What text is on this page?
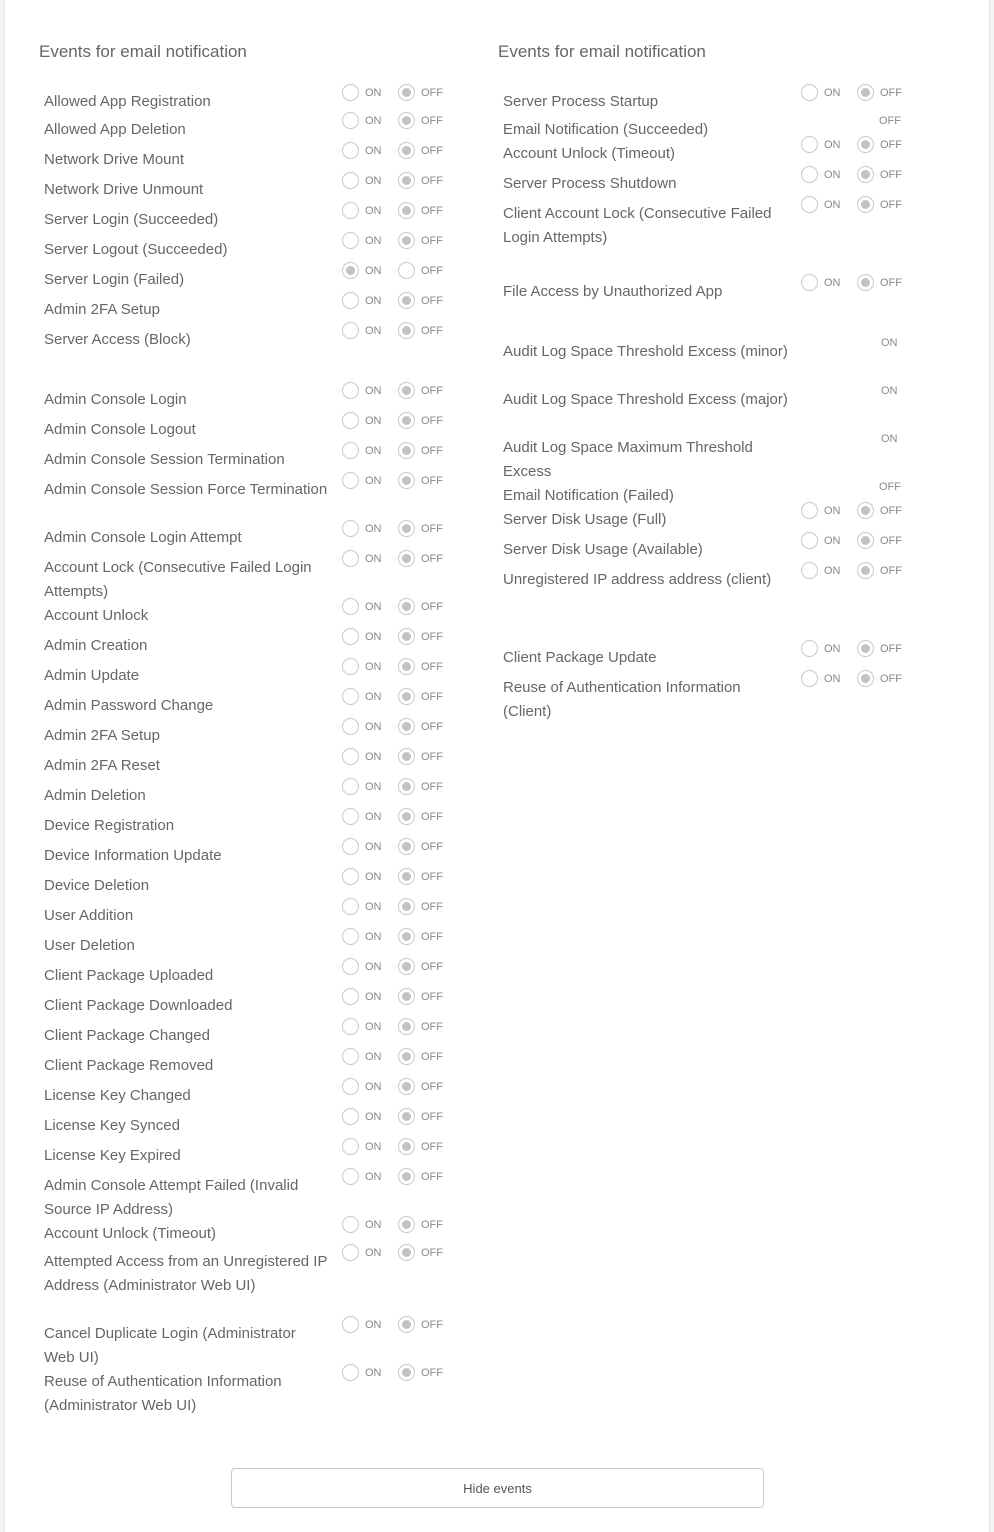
Events for email notification
Allowed App Registration	ON	OFF
Allowed App Deletion	ON	OFF
Network Drive Mount	ON	OFF
Network Drive Unmount	ON	OFF
Server Login (Succeeded)	ON	OFF
Server Logout (Succeeded)	ON	OFF
Server Login (Failed)	ON	OFF
Admin 2FA Setup	ON	OFF
Server Access (Block)	ON	OFF
Admin Console Login	ON	OFF
Admin Console Logout	ON	OFF
Admin Console Session Termination	ON	OFF
Admin Console Session Force Termination	ON	OFF
Admin Console Login Attempt	ON	OFF
Account Lock (Consecutive Failed Login Attempts)
ON	OFF
Account Unlock	ON	OFF
Admin Creation	ON	OFF
Admin Update	ON	OFF
Admin Password Change	ON	OFF
Admin 2FA Setup	ON	OFF
Admin 2FA Reset	ON	OFF
Admin Deletion	ON	OFF
Device Registration	ON	OFF
Device Information Update	ON	OFF
Device Deletion	ON	OFF
User Addition	ON	OFF
User Deletion	ON	OFF
Client Package Uploaded	ON	OFF
Client Package Downloaded	ON	OFF
Client Package Changed	ON	OFF
Client Package Removed	ON	OFF
License Key Changed	ON	OFF
License Key Synced	ON	OFF
License Key Expired	ON	OFF
Admin Console Attempt Failed (Invalid Source IP Address)
ON	OFF
Account Unlock (Timeout)	ON	OFF
Attempted Access from an Unregistered IP Address (Administrator Web UI)
ON	OFF
Cancel Duplicate Login (Administrator Web UI)
ON	OFF
Reuse of Authentication Information (Administrator Web UI)
ON	OFF
Events for email notification
Server Process Startup	ON	OFF
Email Notification (Succeeded)	OFF
Account Unlock (Timeout)	ON	OFF
Server Process Shutdown	ON	OFF
Client Account Lock (Consecutive Failed Login Attempts)
ON	OFF
File Access by Unauthorized App	ON	OFF
Audit Log Space Threshold Excess (minor)	ON
Audit Log Space Threshold Excess (major)	ON
Audit Log Space Maximum Threshold Excess
ON
Email Notification (Failed)	OFF
Server Disk Usage (Full)	ON	OFF
Server Disk Usage (Available)	ON	OFF
Unregistered IP address address (client)	ON	OFF
Client Package Update	ON	OFF
Reuse of Authentication Information (Client)
ON	OFF
Hide events
